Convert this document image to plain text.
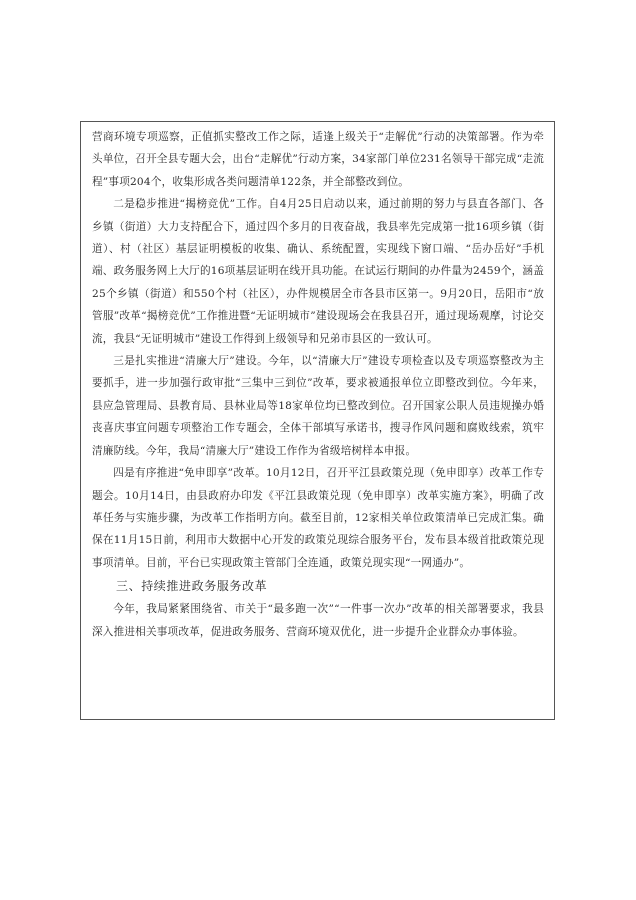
营商环境专项巡察，正值抓实整改工作之际，适逢上级关于“走解优”行动的决策部署。作为牵头单位，召开全县专题大会，出台“走解优”行动方案，34家部门单位231名领导干部完成“走流程”事项204个，收集形成各类问题清单122条，并全部整改到位。

二是稳步推进“揭榜竞优”工作。自4月25日启动以来，通过前期的努力与县直各部门、各乡镇（街道）大力支持配合下，通过四个多月的日夜奋战，我县率先完成第一批16项乡镇（街道）、村（社区）基层证明模板的收集、确认、系统配置，实现线下窗口端、“岳办岳好”手机端、政务服务网上大厅的16项基层证明在线开具功能。在试运行期间的办件量为2459个，涵盖25个乡镇（街道）和550个村（社区），办件规模居全市各县市区第一。9月20日，岳阳市“放管服”改革“揭榜竞优”工作推进暨“无证明城市”建设现场会在我县召开，通过现场观摩，讨论交流，我县“无证明城市”建设工作得到上级领导和兄弟市县区的一致认可。

三是扎实推进“清廉大厅”建设。今年，以“清廉大厅”建设专项检查以及专项巡察整改为主要抓手，进一步加强行政审批“三集中三到位”改革，要求被通报单位立即整改到位。今年来，县应急管理局、县教育局、县林业局等18家单位均已整改到位。召开国家公职人员违规操办婚丧喜庆事宜问题专项整治工作专题会，全体干部填写承诺书，搜寻作风问题和腐败线索，筑牢清廉防线。今年，我局“清廉大厅”建设工作作为省级培树样本申报。

四是有序推进“免申即享”改革。10月12日，召开平江县政策兑现（免申即享）改革工作专题会。10月14日，由县政府办印发《平江县政策兑现（免申即享）改革实施方案》，明确了改革任务与实施步骤，为改革工作指明方向。截至目前，12家相关单位政策清单已完成汇集。确保在11月15日前，利用市大数据中心开发的政策兑现综合服务平台，发布县本级首批政策兑现事项清单。目前，平台已实现政策主管部门全连通，政策兑现实现“一网通办”。

三、持续推进政务服务改革

今年，我局紧紧围绕省、市关于“最多跑一次”“一件事一次办”改革的相关部署要求，我县深入推进相关事项改革，促进政务服务、营商环境双优化，进一步提升企业群众办事体验。
